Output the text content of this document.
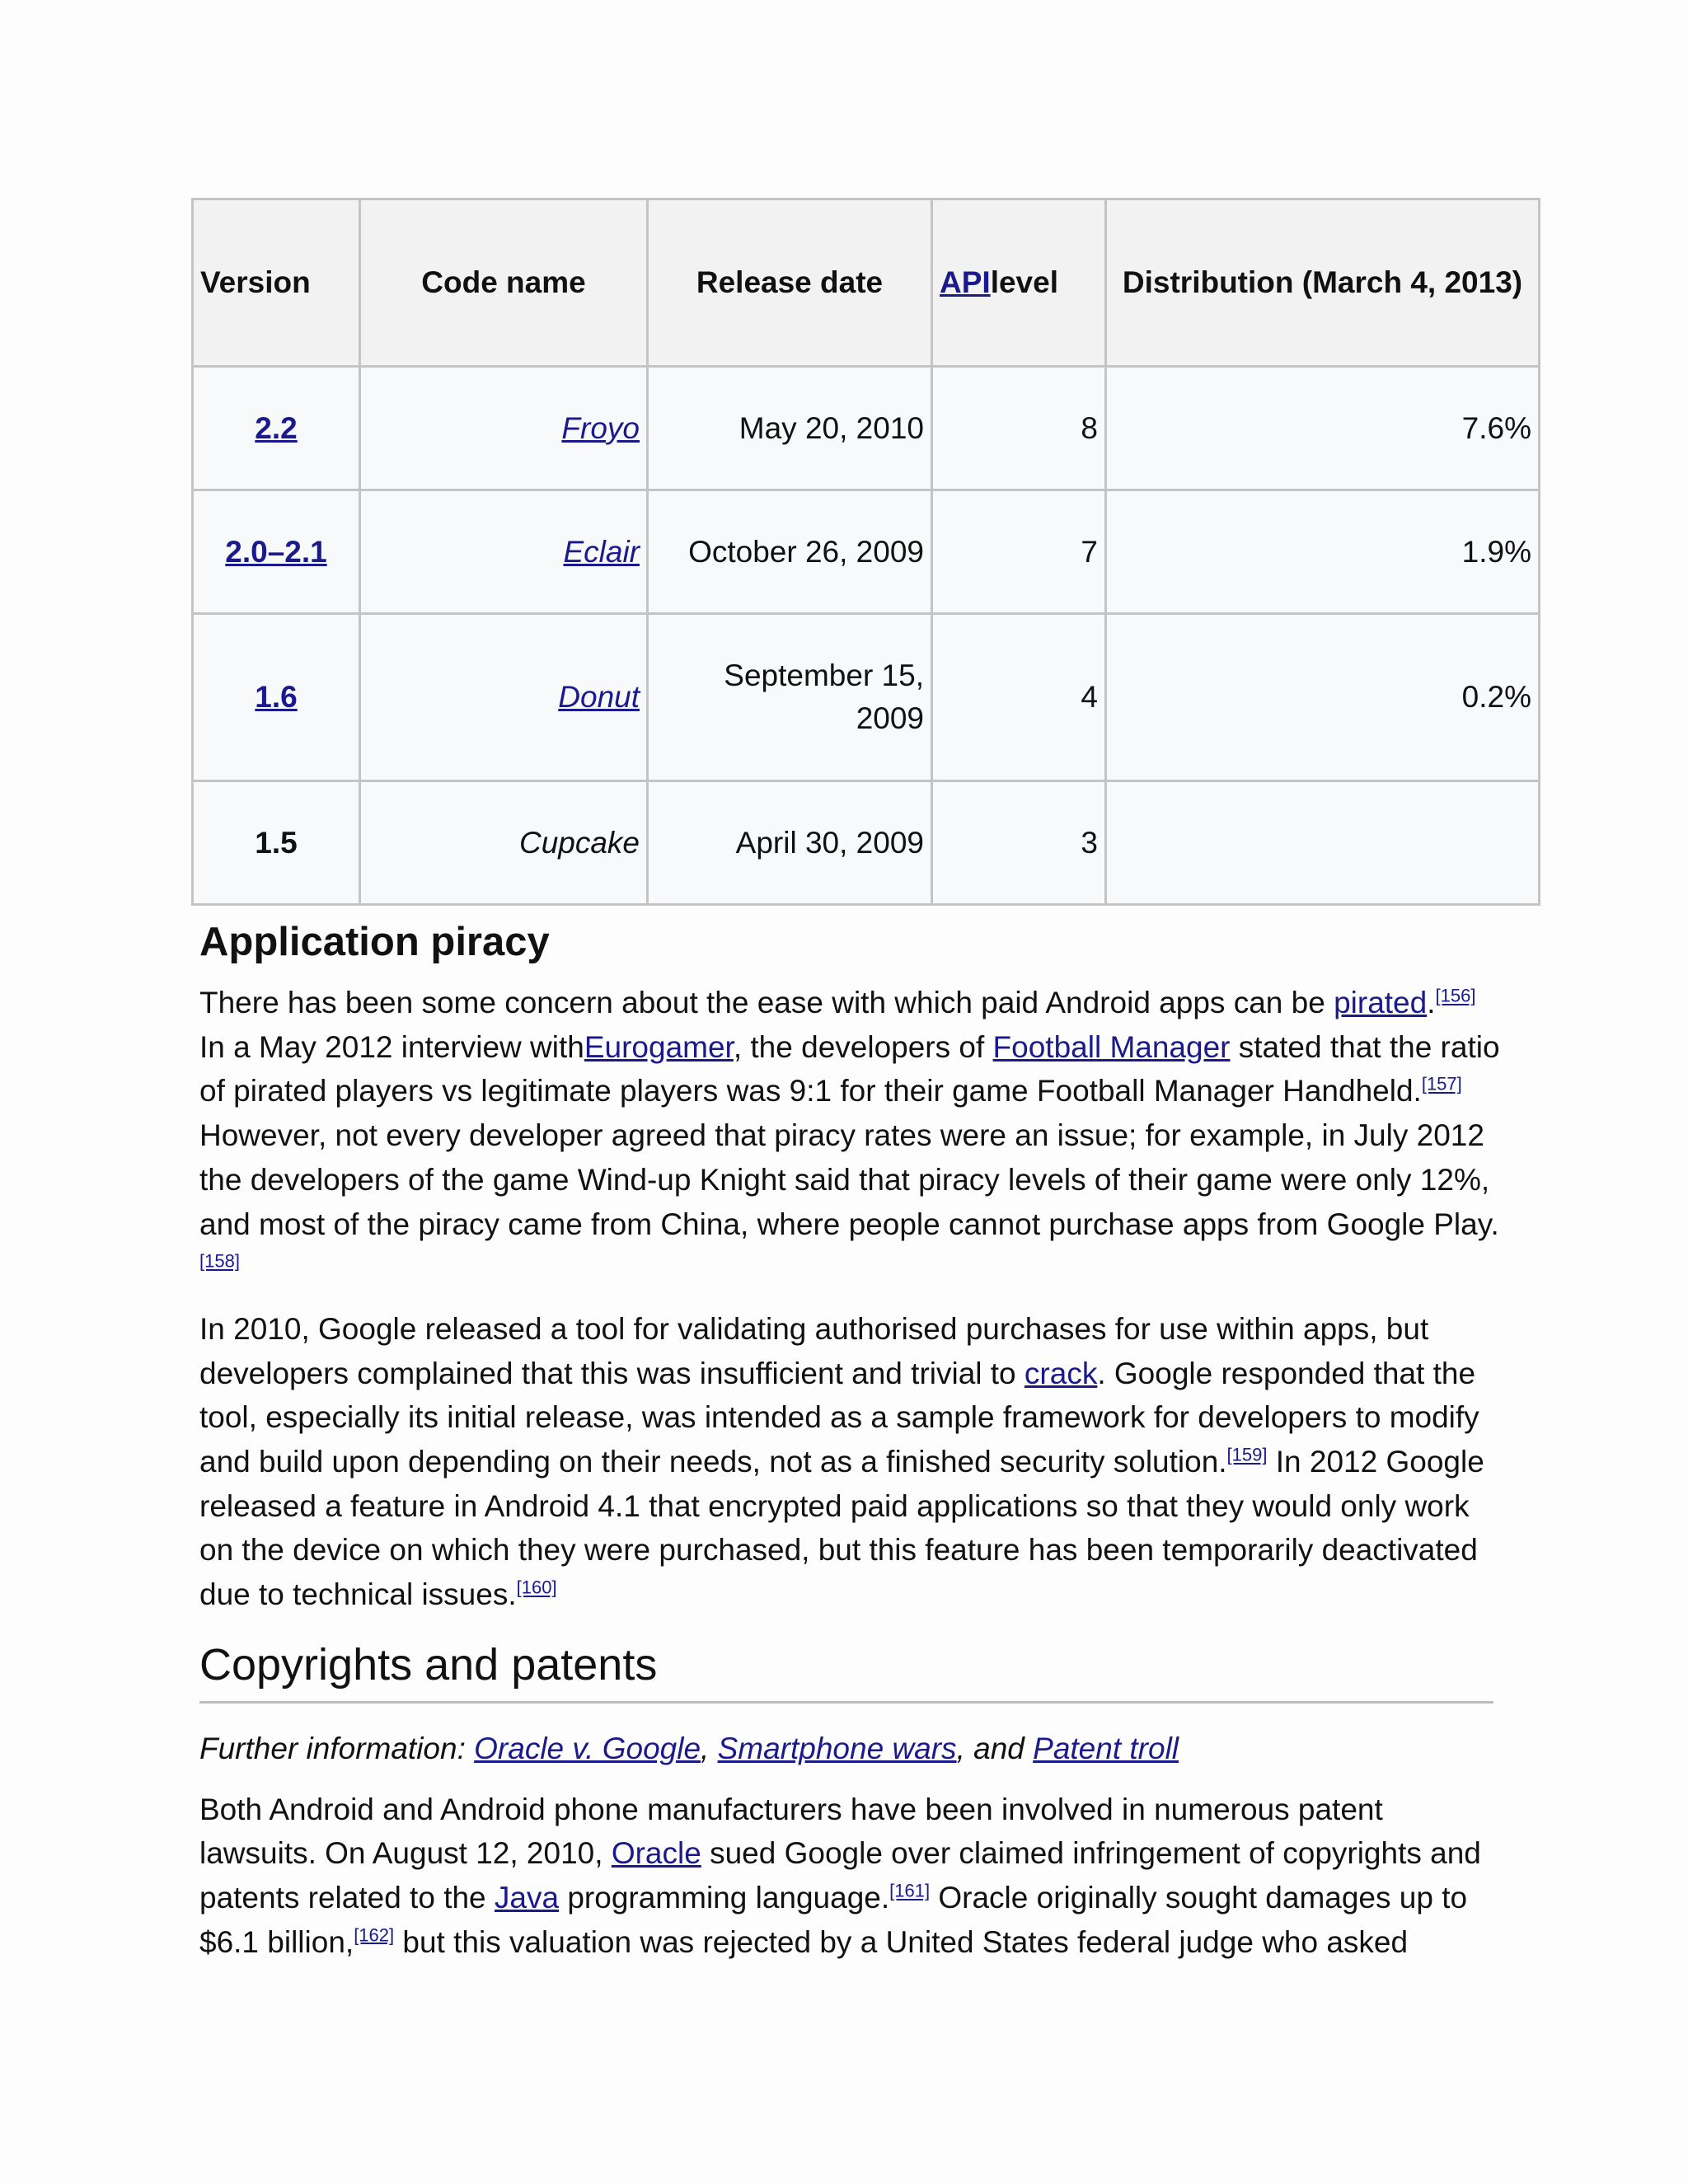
Version	Code name	Release date	APIlevel	Distribution (March 4, 2013)
2.2	Froyo	May 20, 2010	8	7.6%
2.0–2.1	Eclair	October 26, 2009	7	1.9%
1.6	Donut	September 15, 2009	4	0.2%
1.5	Cupcake	April 30, 2009	3	
Application piracy

There has been some concern about the ease with which paid Android apps can be pirated.[156] In a May 2012 interview withEurogamer, the developers of Football Manager stated that the ratio of pirated players vs legitimate players was 9:1 for their game Football Manager Handheld.[157] However, not every developer agreed that piracy rates were an issue; for example, in July 2012 the developers of the game Wind-up Knight said that piracy levels of their game were only 12%, and most of the piracy came from China, where people cannot purchase apps from Google Play.[158]

In 2010, Google released a tool for validating authorised purchases for use within apps, but developers complained that this was insufficient and trivial to crack. Google responded that the tool, especially its initial release, was intended as a sample framework for developers to modify and build upon depending on their needs, not as a finished security solution.[159] In 2012 Google released a feature in Android 4.1 that encrypted paid applications so that they would only work on the device on which they were purchased, but this feature has been temporarily deactivated due to technical issues.[160]

Copyrights and patents

Further information: Oracle v. Google, Smartphone wars, and Patent troll

Both Android and Android phone manufacturers have been involved in numerous patent lawsuits. On August 12, 2010, Oracle sued Google over claimed infringement of copyrights and patents related to the Java programming language.[161] Oracle originally sought damages up to $6.1 billion,[162] but this valuation was rejected by a United States federal judge who asked
